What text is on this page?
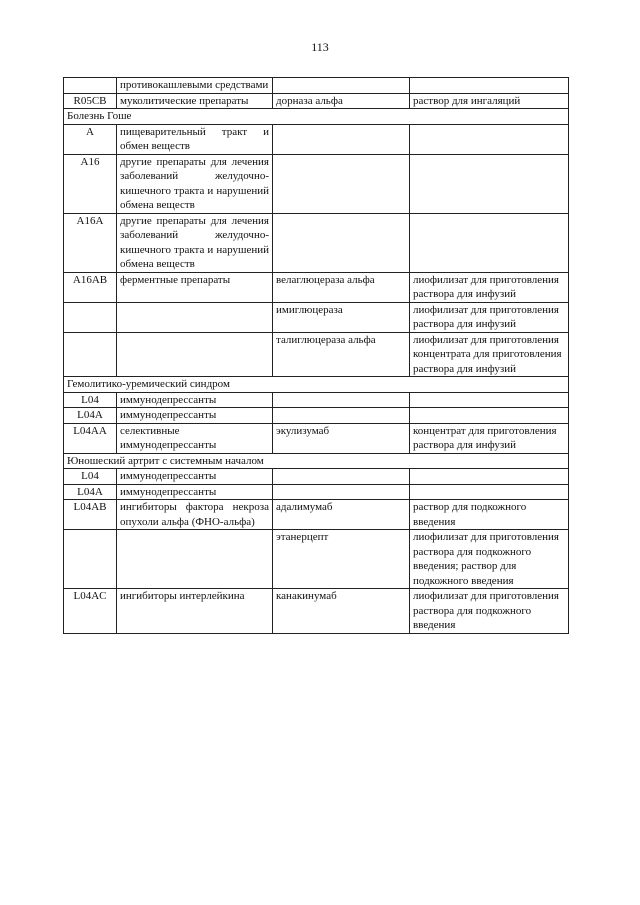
113
	противокашлевыми средствами		
R05CB	муколитические препараты	дорназа альфа	раствор для ингаляций
Болезнь Гоше			
A	пищеварительный тракт и обмен веществ		
A16	другие препараты для лечения заболеваний желудочно-кишечного тракта и нарушений обмена веществ		
A16A	другие препараты для лечения заболеваний желудочно-кишечного тракта и нарушений обмена веществ		
A16AB	ферментные препараты	велаглюцераза альфа	лиофилизат для приготовления раствора для инфузий
		имиглюцераза	лиофилизат для приготовления раствора для инфузий
		талиглюцераза альфа	лиофилизат для приготовления концентрата для приготовления раствора для инфузий
Гемолитико-уремический синдром			
L04	иммунодепрессанты		
L04A	иммунодепрессанты		
L04AA	селективные иммунодепрессанты	экулизумаб	концентрат для приготовления раствора для инфузий
Юношеский артрит с системным началом			
L04	иммунодепрессанты		
L04A	иммунодепрессанты		
L04AB	ингибиторы фактора некроза опухоли альфа (ФНО-альфа)	адалимумаб	раствор для подкожного введения
		этанерцепт	лиофилизат для приготовления раствора для подкожного введения; раствор для подкожного введения
L04AC	ингибиторы интерлейкина	канакинумаб	лиофилизат для приготовления раствора для подкожного введения
